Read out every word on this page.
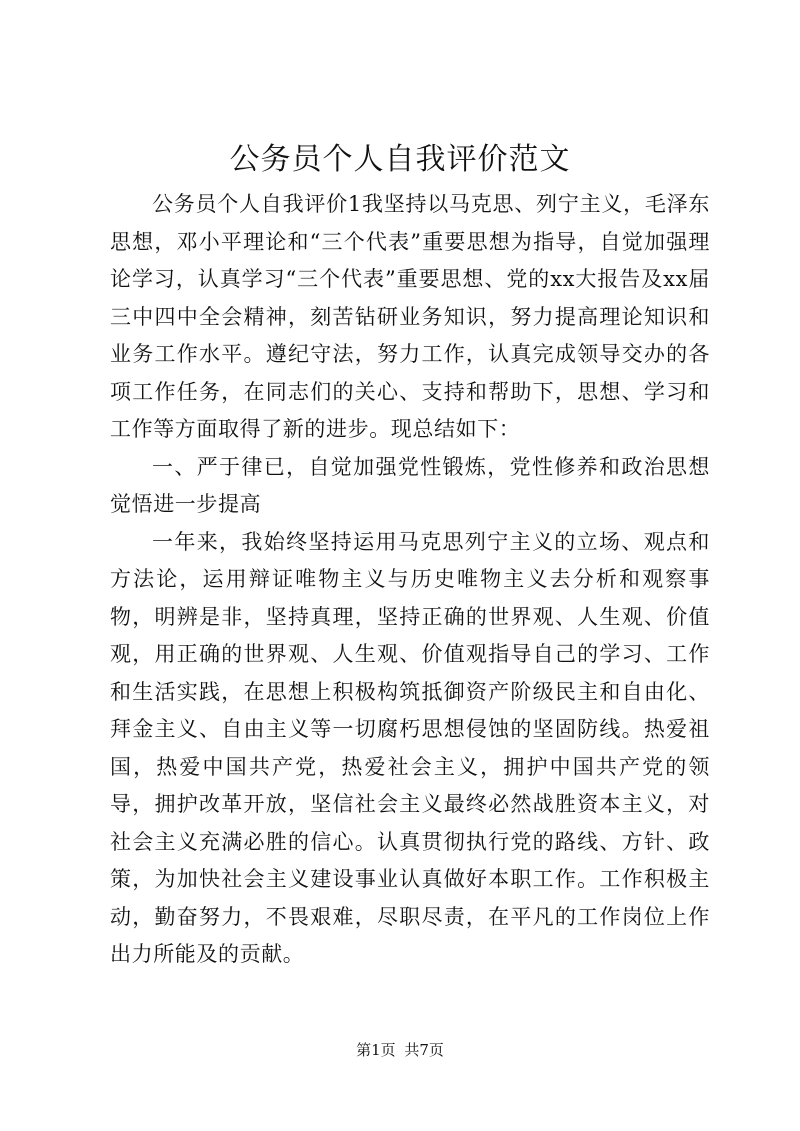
公务员个人自我评价范文

公务员个人自我评价1我坚持以马克思、列宁主义，毛泽东思想，邓小平理论和“三个代表”重要思想为指导，自觉加强理论学习，认真学习“三个代表”重要思想、党的xx大报告及xx届三中四中全会精神，刻苦钻研业务知识，努力提高理论知识和业务工作水平。遵纪守法，努力工作，认真完成领导交办的各项工作任务，在同志们的关心、支持和帮助下，思想、学习和工作等方面取得了新的进步。现总结如下：

一、严于律已，自觉加强党性锻炼，党性修养和政治思想觉悟进一步提高

一年来，我始终坚持运用马克思列宁主义的立场、观点和方法论，运用辩证唯物主义与历史唯物主义去分析和观察事物，明辨是非，坚持真理，坚持正确的世界观、人生观、价值观，用正确的世界观、人生观、价值观指导自己的学习、工作和生活实践，在思想上积极构筑抵御资产阶级民主和自由化、拜金主义、自由主义等一切腐朽思想侵蚀的坚固防线。热爱祖国，热爱中国共产党，热爱社会主义，拥护中国共产党的领导，拥护改革开放，坚信社会主义最终必然战胜资本主义，对社会主义充满必胜的信心。认真贯彻执行党的路线、方针、政策，为加快社会主义建设事业认真做好本职工作。工作积极主动，勤奋努力，不畏艰难，尽职尽责，在平凡的工作岗位上作出力所能及的贡献。

第1页 共7页
